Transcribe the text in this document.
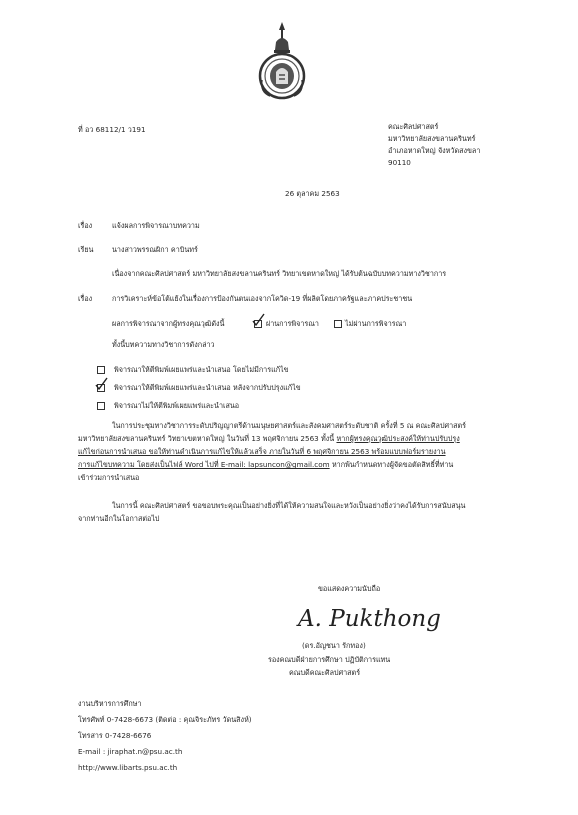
ที่ อว 68112/1 ว191	คณะศิลปศาสตร์
มหาวิทยาลัยสงขลานครินทร์
อำเภอหาดใหญ่ จังหวัดสงขลา
90110
26 ตุลาคม 2563
เรื่อง	แจ้งผลการพิจารณาบทความ
เรียน	นางสาวพรรณผิกา คาบินทร์
เนื่องจากคณะศิลปศาสตร์ มหาวิทยาลัยสงขลานครินทร์ วิทยาเขตหาดใหญ่ ได้รับต้นฉบับบทความทางวิชาการ
เรื่อง	การวิเคราะห์ข้อโต้แย้งในเรื่องการป้องกันตนเองจากโควิด-19 ที่ผลิตโดยภาครัฐและภาคประชาชน
ผลการพิจารณาจากผู้ทรงคุณวุฒิดังนี้	ผ่านการพิจารณา	ไม่ผ่านการพิจารณา
ทั้งนี้บทความทางวิชาการดังกล่าว
พิจารณาให้ตีพิมพ์เผยแพร่และนำเสนอ โดยไม่มีการแก้ไข
พิจารณาให้ตีพิมพ์เผยแพร่และนำเสนอ หลังจากปรับปรุงแก้ไข
พิจารณาไม่ให้ตีพิมพ์เผยแพร่และนำเสนอ
ในการประชุมทางวิชาการระดับปริญญาตรีด้านมนุษยศาสตร์และสังคมศาสตร์ระดับชาติ ครั้งที่ 5 ณ คณะศิลปศาสตร์
มหาวิทยาลัยสงขลานครินทร์ วิทยาเขตหาดใหญ่ ในวันที่ 13 พฤศจิกายน 2563 ทั้งนี้ หากผู้ทรงคุณวุฒิประสงค์ให้ท่านปรับปรุง
แก้ไขก่อนการนำเสนอ ขอให้ท่านดำเนินการแก้ไขให้แล้วเสร็จ ภายในวันที่ 6 พฤศจิกายน 2563 พร้อมแบบฟอร์มรายงาน
การแก้ไขบทความ โดยส่งเป็นไฟล์ Word ไปที่ E-mail: lapsuncon@gmail.com หากพ้นกำหนดทางผู้จัดขอตัดสิทธิ์ที่ท่าน
เข้าร่วมการนำเสนอ
ในการนี้ คณะศิลปศาสตร์ ขอขอบพระคุณเป็นอย่างยิ่งที่ได้ให้ความสนใจและหวังเป็นอย่างยิ่งว่าคงได้รับการสนับสนุน
จากท่านอีกในโอกาสต่อไป
ขอแสดงความนับถือ
A. Pukthong
(ดร.อัญชนา รักทอง)
รองคณบดีฝ่ายการศึกษา ปฏิบัติการแทน
คณบดีคณะศิลปศาสตร์
งานบริหารการศึกษา
โทรศัพท์ 0-7428-6673 (ติดต่อ : คุณจิระภัทร วัดนสิงห์)
โทรสาร 0-7428-6676
E-mail : jiraphat.n@psu.ac.th
http://www.libarts.psu.ac.th
